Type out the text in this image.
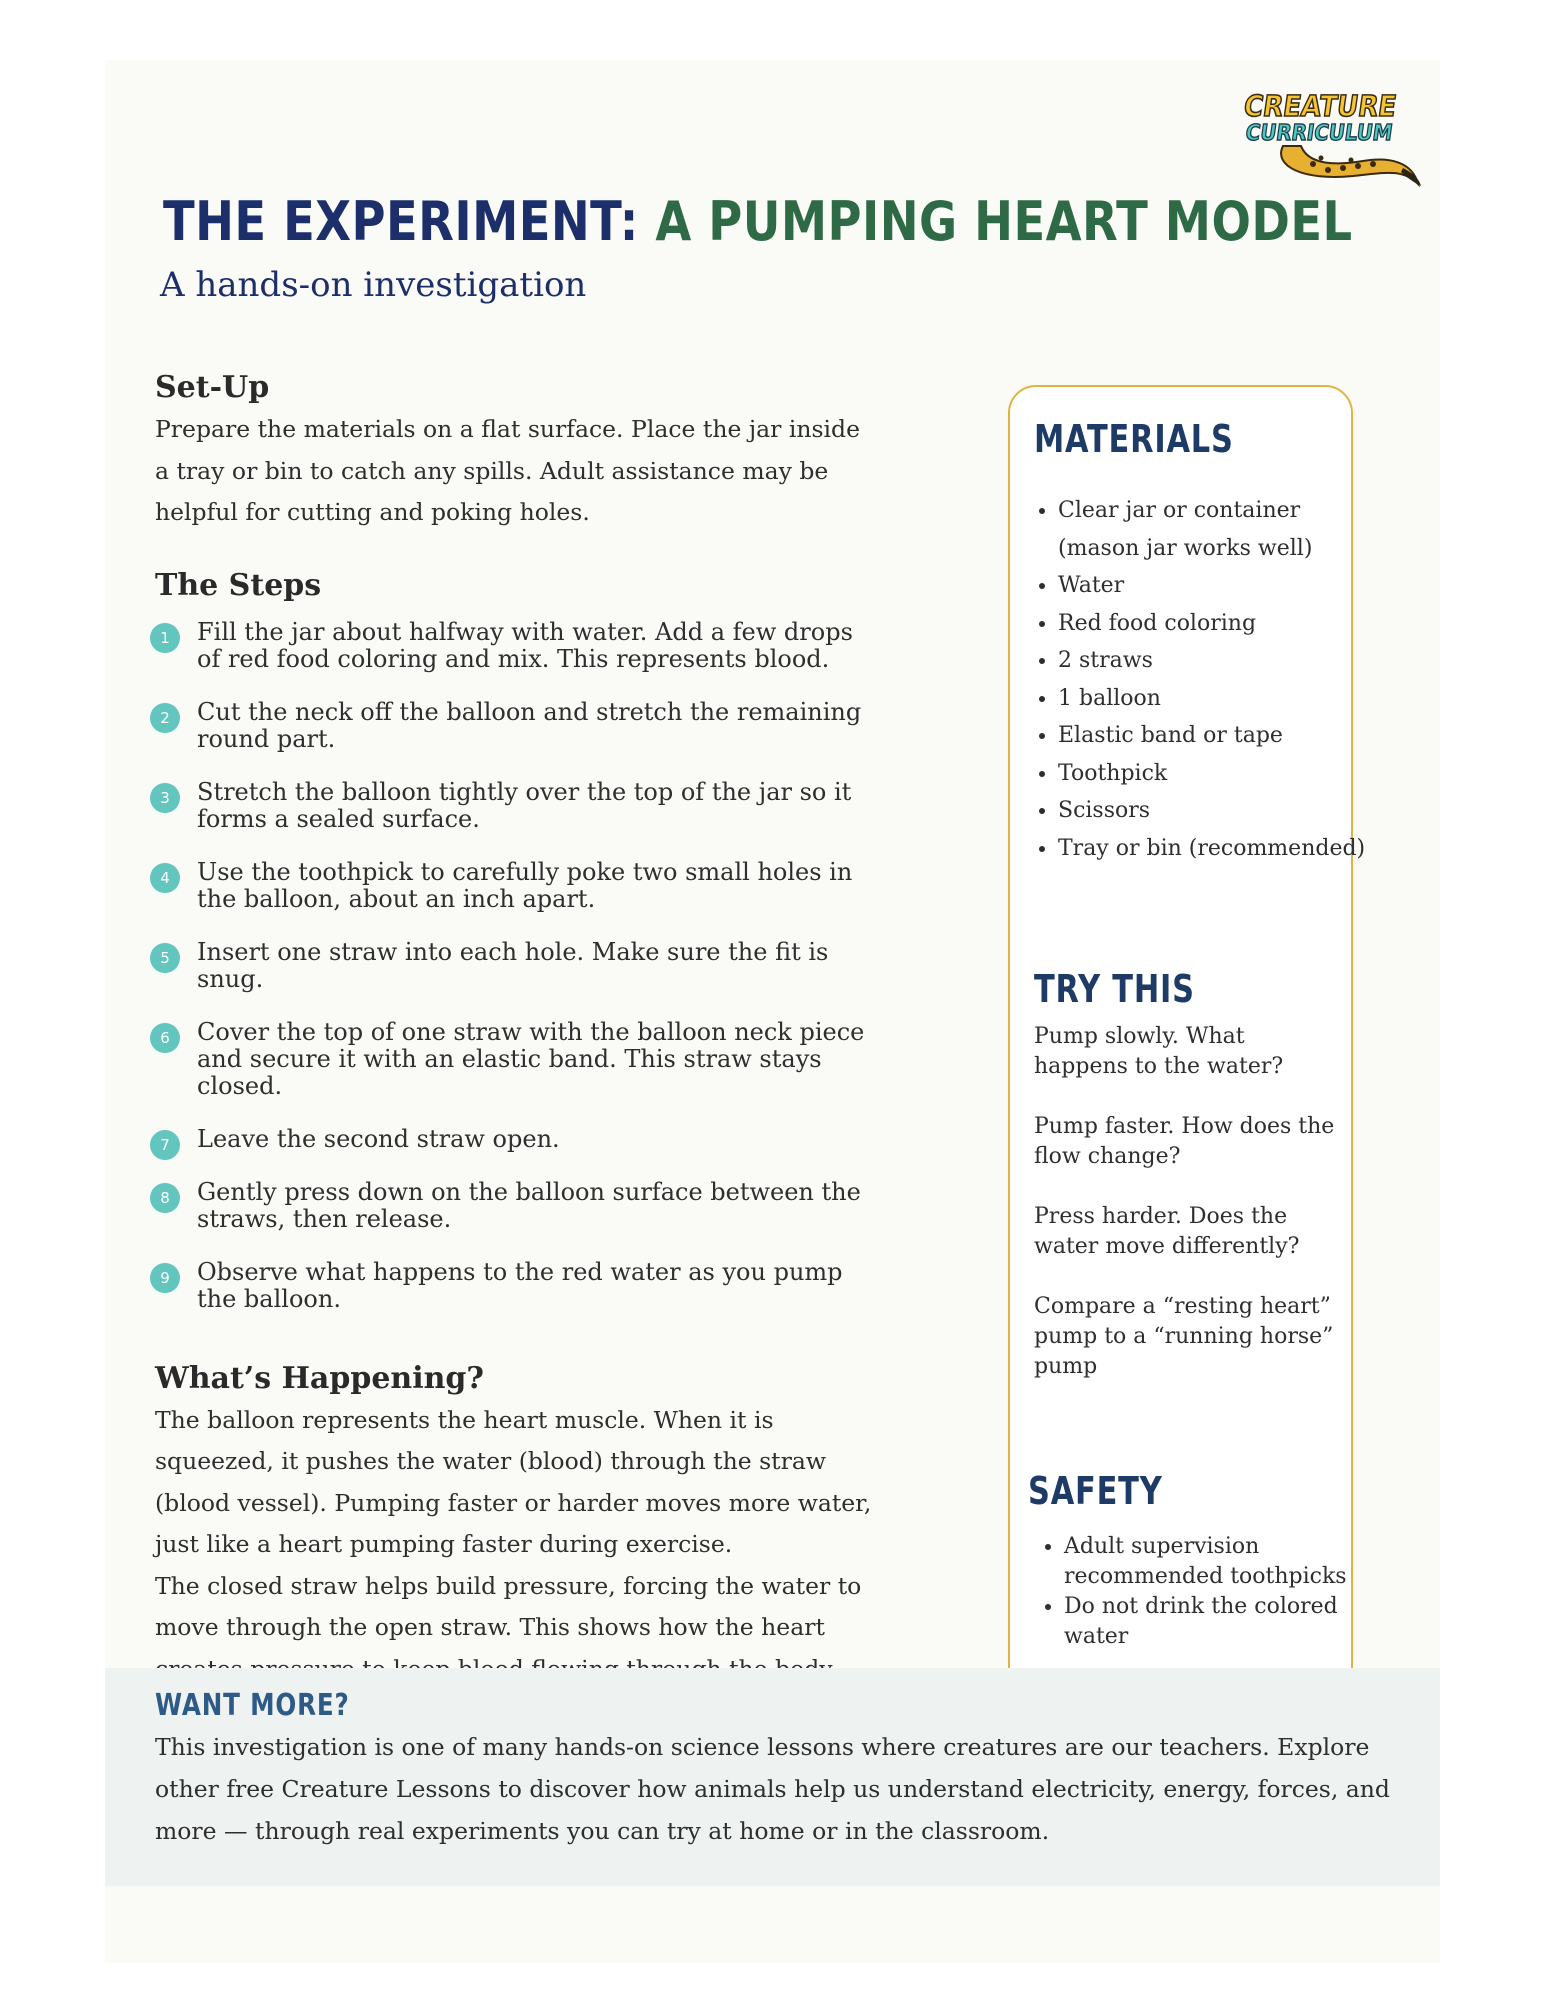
CREATURE
CURRICULUM
THE EXPERIMENT: A PUMPING HEART MODEL
A hands-on investigation
Set-Up

Prepare the materials on a flat surface. Place the jar inside a tray or bin to catch any spills. Adult assistance may be helpful for cutting and poking holes.

The Steps
1	Fill the jar about halfway with water. Add a few drops of red food coloring and mix. This represents blood.
2	Cut the neck off the balloon and stretch the remaining round part.
3	Stretch the balloon tightly over the top of the jar so it forms a sealed surface.
4	Use the toothpick to carefully poke two small holes in the balloon, about an inch apart.
5	Insert one straw into each hole. Make sure the fit is snug.
6	Cover the top of one straw with the balloon neck piece and secure it with an elastic band. This straw stays closed.
7	Leave the second straw open.
8	Gently press down on the balloon surface between the straws, then release.
9	Observe what happens to the red water as you pump the balloon.
What’s Happening?

The balloon represents the heart muscle. When it is squeezed, it pushes the water (blood) through the straw (blood vessel). Pumping faster or harder moves more water, just like a heart pumping faster during exercise.

The closed straw helps build pressure, forcing the water to move through the open straw. This shows how the heart

MATERIALS
• Clear jar or container (mason jar works well)
• Water
• Red food coloring
• 2 straws
• 1 balloon
• Elastic band or tape
• Toothpick
• Scissors
• Tray or bin (recommended)
TRY THIS

Pump slowly. What happens to the water?

Pump faster. How does the flow change?

Press harder. Does the water move differently?

Compare a “resting heart” pump to a “running horse” pump

SAFETY
• Adult supervision recommended toothpicks
• Do not drink the colored water
WANT MORE?

This investigation is one of many hands-on science lessons where creatures are our teachers. Explore other free Creature Lessons to discover how animals help us understand electricity, energy, forces, and more — through real experiments you can try at home or in the classroom.
